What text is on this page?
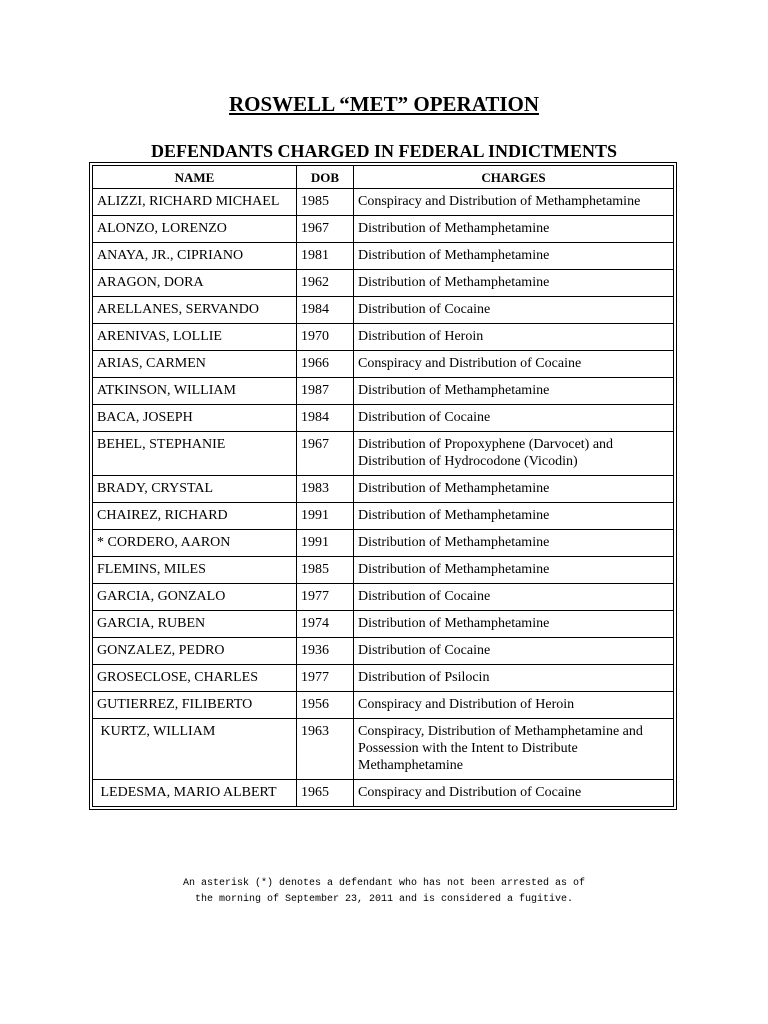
ROSWELL “MET” OPERATION
DEFENDANTS CHARGED IN FEDERAL INDICTMENTS
NAME	DOB	CHARGES
ALIZZI, RICHARD MICHAEL	1985	Conspiracy and Distribution of Methamphetamine
ALONZO, LORENZO	1967	Distribution of Methamphetamine
ANAYA, JR., CIPRIANO	1981	Distribution of Methamphetamine
ARAGON, DORA	1962	Distribution of Methamphetamine
ARELLANES, SERVANDO	1984	Distribution of Cocaine
ARENIVAS, LOLLIE	1970	Distribution of Heroin
ARIAS, CARMEN	1966	Conspiracy and Distribution of Cocaine
ATKINSON, WILLIAM	1987	Distribution of Methamphetamine
BACA, JOSEPH	1984	Distribution of Cocaine
BEHEL, STEPHANIE	1967	Distribution of Propoxyphene (Darvocet) and Distribution of Hydrocodone (Vicodin)
BRADY, CRYSTAL	1983	Distribution of Methamphetamine
CHAIREZ, RICHARD	1991	Distribution of Methamphetamine
* CORDERO, AARON	1991	Distribution of Methamphetamine
FLEMINS, MILES	1985	Distribution of Methamphetamine
GARCIA, GONZALO	1977	Distribution of Cocaine
GARCIA, RUBEN	1974	Distribution of Methamphetamine
GONZALEZ, PEDRO	1936	Distribution of Cocaine
GROSECLOSE, CHARLES	1977	Distribution of Psilocin
GUTIERREZ, FILIBERTO	1956	Conspiracy and Distribution of Heroin
KURTZ, WILLIAM	1963	Conspiracy, Distribution of Methamphetamine and Possession with the Intent to Distribute Methamphetamine
LEDESMA, MARIO ALBERT	1965	Conspiracy and Distribution of Cocaine
An asterisk (*) denotes a defendant who has not been arrested as of
the morning of September 23, 2011 and is considered a fugitive.
